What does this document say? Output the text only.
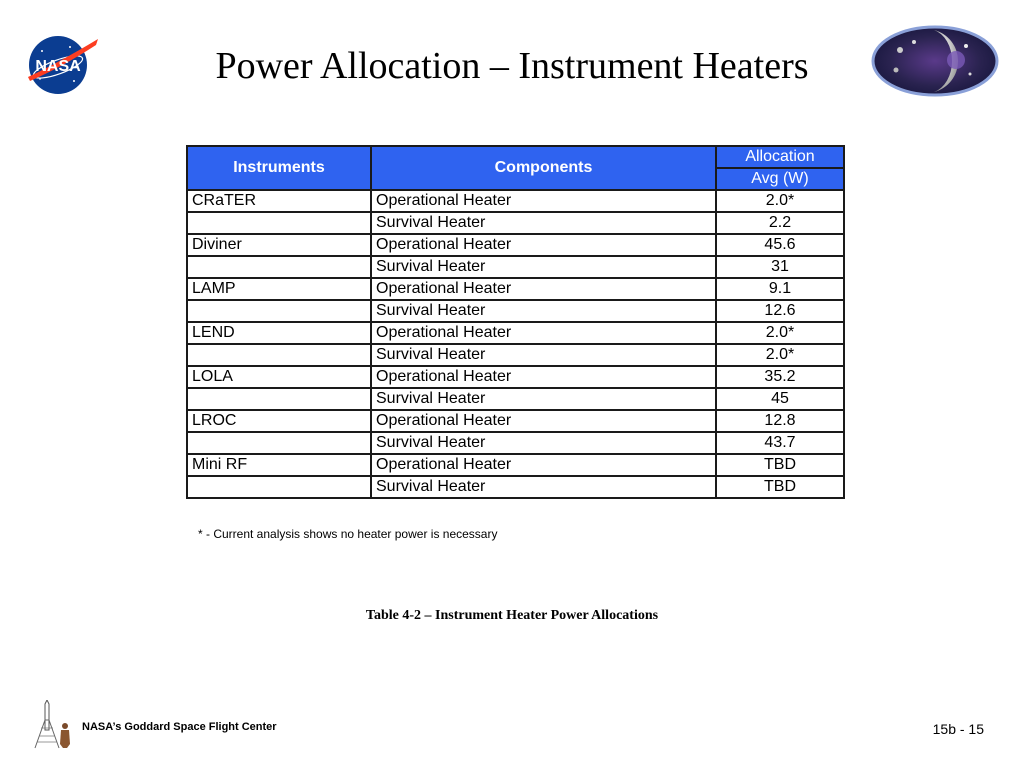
NASA	Power Allocation – Instrument Heaters
Instruments	Components	Allocation
		Avg (W)
CRaTER	Operational Heater	2.0*
	Survival Heater	2.2
Diviner	Operational Heater	45.6
	Survival Heater	31
LAMP	Operational Heater	9.1
	Survival Heater	12.6
LEND	Operational Heater	2.0*
	Survival Heater	2.0*
LOLA	Operational Heater	35.2
	Survival Heater	45
LROC	Operational Heater	12.8
	Survival Heater	43.7
Mini RF	Operational Heater	TBD
	Survival Heater	TBD
* - Current analysis shows no heater power is necessary
Table 4-2 – Instrument Heater Power Allocations
NASA’s Goddard Space Flight Center	15b - 15
